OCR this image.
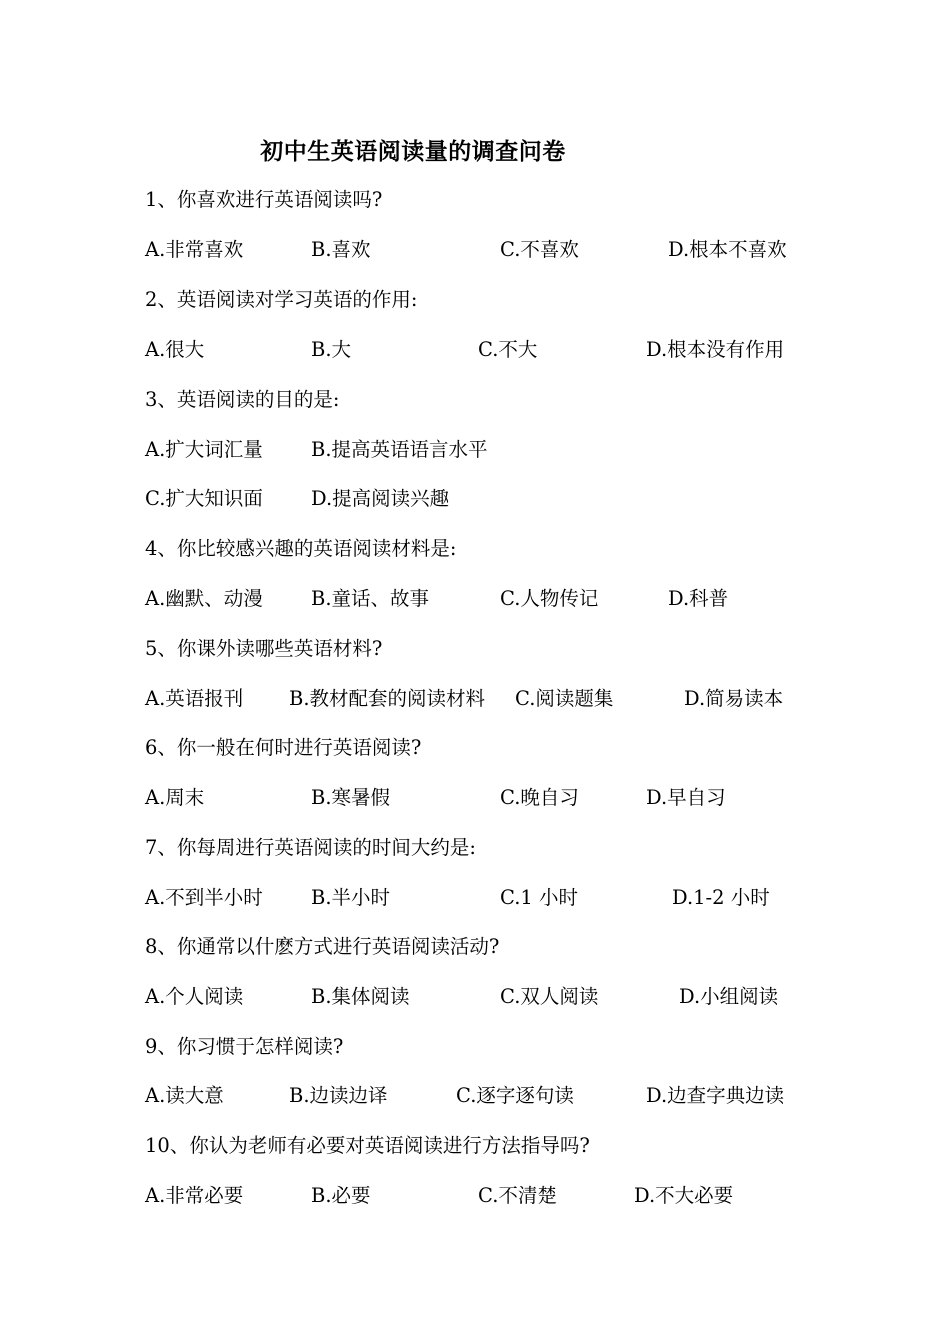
初中生英语阅读量的调查问卷
1、你喜欢进行英语阅读吗?
A.非常喜欢	B.喜欢	C.不喜欢	D.根本不喜欢
2、英语阅读对学习英语的作用:
A.很大	B.大	C.不大	D.根本没有作用
3、英语阅读的目的是:
A.扩大词汇量 B.提高英语语言水平
C.扩大知识面 D.提高阅读兴趣
4、你比较感兴趣的英语阅读材料是:
A.幽默、动漫 B.童话、故事	C.人物传记	D.科普
5、你课外读哪些英语材料?
A.英语报刊 B.教材配套的阅读材料 C.阅读题集	D.简易读本
6、你一般在何时进行英语阅读?
A.周末	B.寒暑假	C.晚自习	D.早自习
7、你每周进行英语阅读的时间大约是:
A.不到半小时 B.半小时	C.1 小时	D.1-2 小时
8、你通常以什麽方式进行英语阅读活动?
A.个人阅读	B.集体阅读	C.双人阅读	D.小组阅读
9、你习惯于怎样阅读?
A.读大意	B.边读边译	C.逐字逐句读	D.边查字典边读
10、你认为老师有必要对英语阅读进行方法指导吗?
A.非常必要	B.必要	C.不清楚	D.不大必要
